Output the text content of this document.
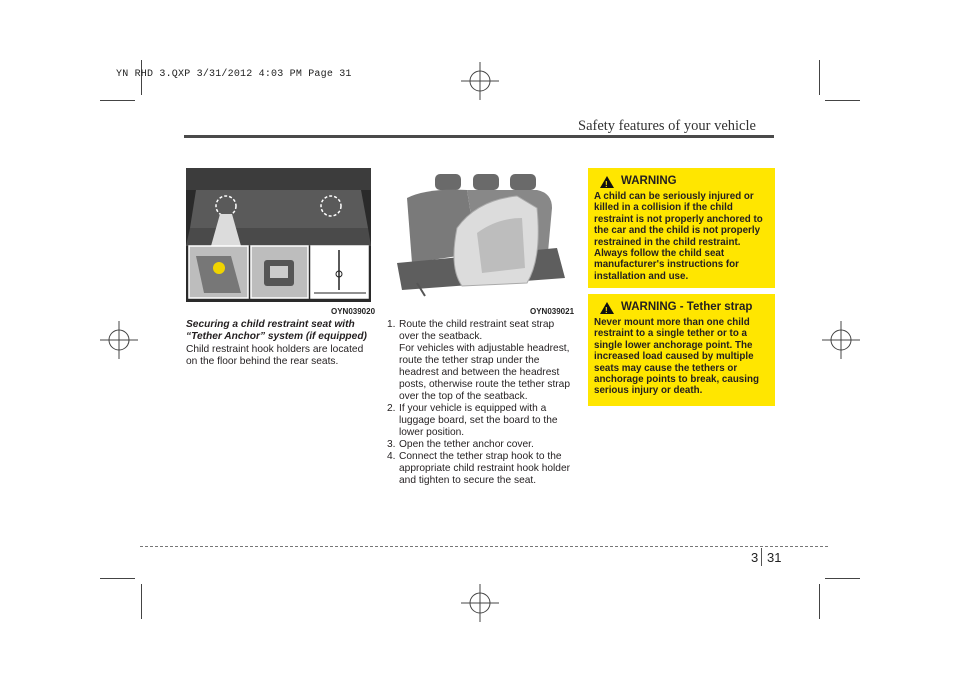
YN RHD 3.QXP 3/31/2012 4:03 PM Page 31
Safety features of your vehicle
OYN039020	OYN039021
Securing a child restraint seat with “Tether Anchor” system (if equipped)
Child restraint hook holders are located on the floor behind the rear seats.
1. Route the child restraint seat strap over the seatback.
For vehicles with adjustable headrest, route the tether strap under the headrest and between the headrest posts, otherwise route the tether strap over the top of the seatback.
2. If your vehicle is equipped with a luggage board, set the board to the lower position.
3. Open the tether anchor cover.
4. Connect the tether strap hook to the appropriate child restraint hook holder and tighten to secure the seat.
! WARNING
A child can be seriously injured or killed in a collision if the child restraint is not properly anchored to the car and the child is not properly restrained in the child restraint. Always follow the child seat manufacturer's instructions for installation and use.
! WARNING - Tether strap
Never mount more than one child restraint to a single tether or to a single lower anchorage point. The increased load caused by multiple seats may cause the tethers or anchorage points to break, causing serious injury or death.
3 31
